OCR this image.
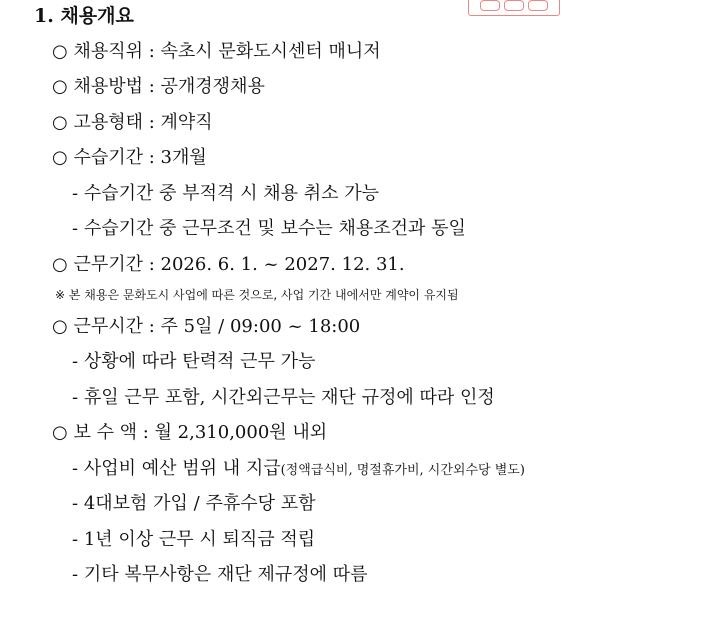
1. 채용개요
○ 채용직위 : 속초시 문화도시센터 매니저
○ 채용방법 : 공개경쟁채용
○ 고용형태 : 계약직
○ 수습기간 : 3개월
- 수습기간 중 부적격 시 채용 취소 가능
- 수습기간 중 근무조건 및 보수는 채용조건과 동일
○ 근무기간 : 2026. 6. 1. ~ 2027. 12. 31.
※ 본 채용은 문화도시 사업에 따른 것으로, 사업 기간 내에서만 계약이 유지됨
○ 근무시간 : 주 5일 / 09:00 ~ 18:00
- 상황에 따라 탄력적 근무 가능
- 휴일 근무 포함, 시간외근무는 재단 규정에 따라 인정
○ 보 수 액 : 월 2,310,000원 내외
- 사업비 예산 범위 내 지급(정액급식비, 명절휴가비, 시간외수당 별도)
- 4대보험 가입 / 주휴수당 포함
- 1년 이상 근무 시 퇴직금 적립
- 기타 복무사항은 재단 제규정에 따름
